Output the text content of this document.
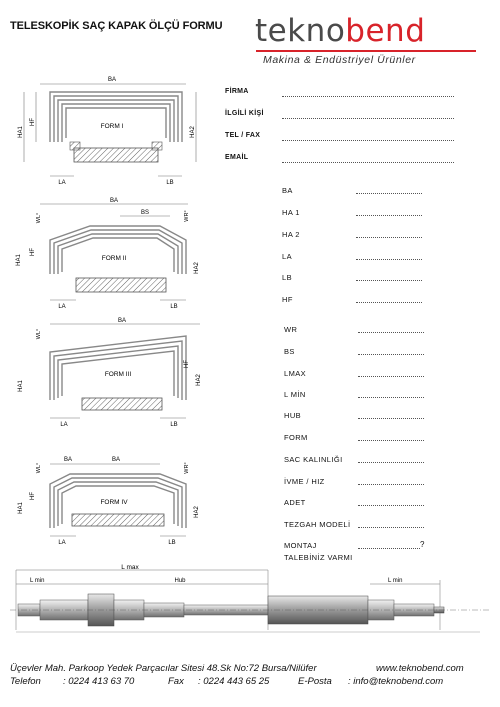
TELESKOPİK SAÇ KAPAK ÖLÇÜ FORMU teknobend
Makina & Endüstriyel Ürünler
FİRMA
İLGİLİ KİŞİ
TEL / FAX
EMAİL
BA
HA 1
HA 2
LA
LB
HF
WR
BS
LMAX
L MİN
HUB
FORM
SAC KALINLIĞI
İVME / HIZ
ADET
TEZGAH MODELİ
MONTAJ
TALEBİNİZ VARMI
?
BA
FORM I
HA1
HF
HA2
LA	LB
BA
BS
WL°	WR°
FORM II
HA1
HF
HA2
LA	LB
BA
WL°
FORM III
HA1
HF
HA2
LA	LB
BA	BA
WL°	WR°
FORM IV
HA1
HF
HA2
LA	LB
L max
L min	Hub	L min
Üçevler Mah. Parkoop Yedek Parçacılar Sitesi 48.Sk No:72 Bursa/Nilüfer	www.teknobend.com
Telefon : 0224 413 63 70	Fax : 0224 443 65 25	E-Posta : info@teknobend.com
